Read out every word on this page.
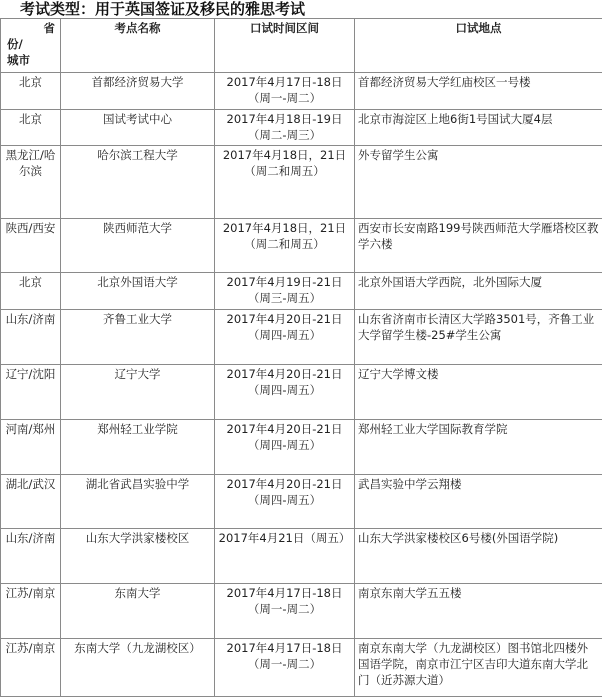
考试类型：用于英国签证及移民的雅思考试
省
份/
城市	考点名称	口试时间区间	口试地点
北京	首都经济贸易大学	2017年4月17日-18日（周一-周二）	首都经济贸易大学红庙校区一号楼
北京	国试考试中心	2017年4月18日-19日（周二-周三）	北京市海淀区上地6街1号国试大厦4层
黑龙江/哈尔滨	哈尔滨工程大学	2017年4月18日，21日（周二和周五）	外专留学生公寓
陕西/西安	陕西师范大学	2017年4月18日，21日（周二和周五）	西安市长安南路199号陕西师范大学雁塔校区教学六楼
北京	北京外国语大学	2017年4月19日-21日（周三-周五）	北京外国语大学西院，北外国际大厦
山东/济南	齐鲁工业大学	2017年4月20日-21日（周四-周五）	山东省济南市长清区大学路3501号，齐鲁工业大学留学生楼-25#学生公寓
辽宁/沈阳	辽宁大学	2017年4月20日-21日（周四-周五）	辽宁大学博文楼
河南/郑州	郑州轻工业学院	2017年4月20日-21日（周四-周五）	郑州轻工业大学国际教育学院
湖北/武汉	湖北省武昌实验中学	2017年4月20日-21日（周四-周五）	武昌实验中学云翔楼
山东/济南	山东大学洪家楼校区	2017年4月21日（周五）	山东大学洪家楼校区6号楼(外国语学院)
江苏/南京	东南大学	2017年4月17日-18日（周一-周二）	南京东南大学五五楼
江苏/南京	东南大学（九龙湖校区）	2017年4月17日-18日（周一-周二）	南京东南大学（九龙湖校区）图书馆北四楼外国语学院，南京市江宁区吉印大道东南大学北门（近苏源大道）
